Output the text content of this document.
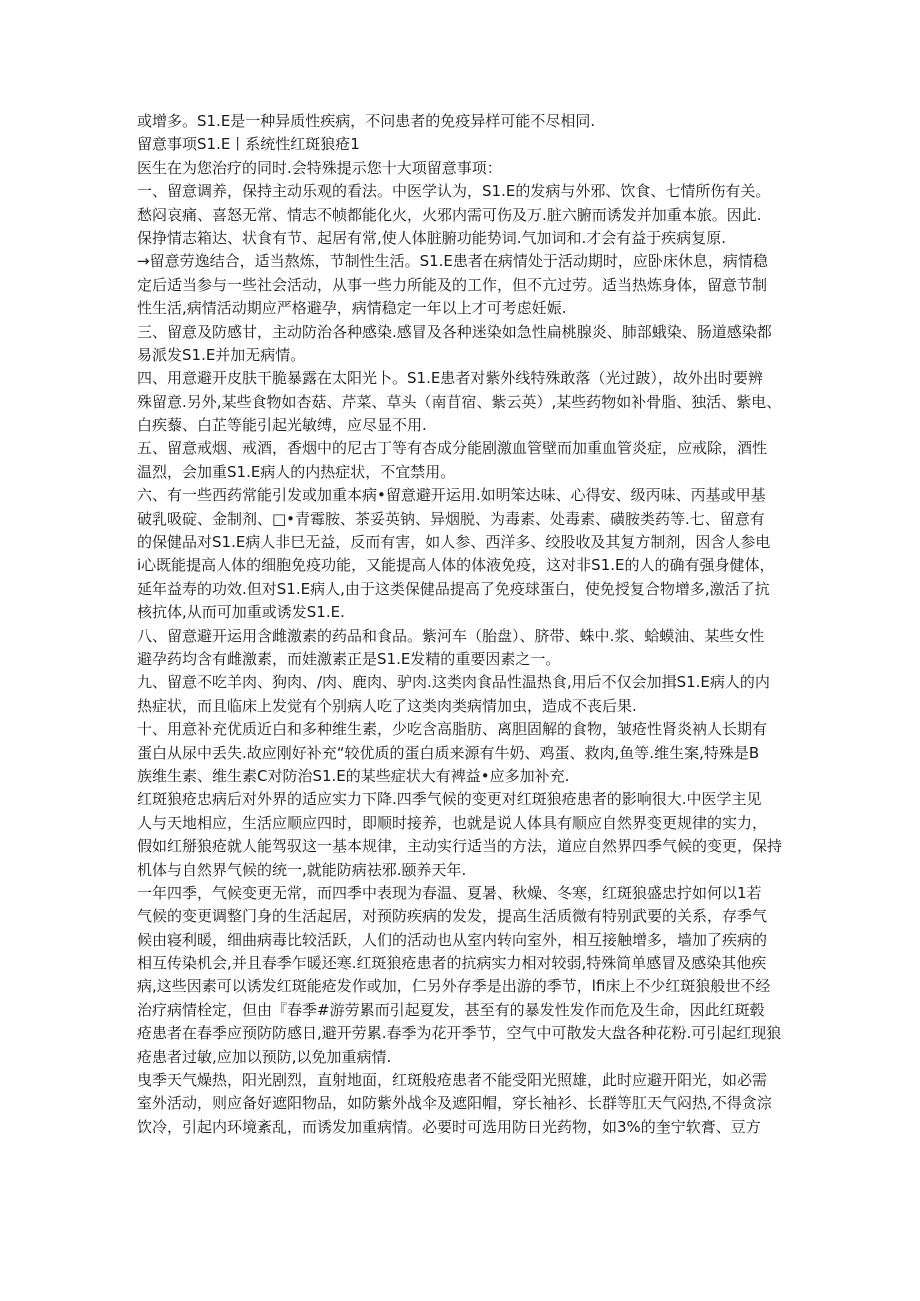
或增多。S1.E是一种异质性疾病，不问患者的免疫异样可能不尽相同.
留意事项S1.E丨系统性红斑狼疮1
医生在为您治疗的同时.会特殊提示您十大项留意事项：
一、留意调养，保持主动乐观的看法。中医学认为，S1.E的发病与外邪、饮食、七情所伤有关。
愁闷哀痛、喜怒无常、情志不帧都能化火，火邪内需可伤及万.脏六腑而诱发并加重本旅。因此.
保挣情志箱达、状食有节、起居有常,使人体脏腑功能势词.气加词和.才会有益于疾病复原.
→留意劳逸结合，适当熬炼，节制性生活。S1.E患者在病情处于活动期时，应卧床休息，病情稳
定后适当参与一些社会活动，从事一些力所能及的工作，但不亢过劳。适当热炼身体，留意节制
性生活,病情活动期应严格避孕，病情稳定一年以上才可考虑妊娠.
三、留意及防感甘，主动防治各种感染.感冒及各种迷染如急性扁桃腺炎、肺部蛾染、肠道感染都
易派发S1.E并加无病情。
四、用意避开皮肤干脆暴露在太阳光卜。S1.E患者对紫外线特殊敢落（光过跛），故外出时要辨
殊留意.另外,某些食物如杏菇、芹菜、草头（南苜宿、紫云英）,某些药物如补骨脂、独活、紫电、
白疾藜、白芷等能引起光敏缚，应尽显不用.
五、留意戒烟、戒酒，香烟中的尼古丁等有杏成分能剧激血管壁而加重血管炎症，应戒除，酒性
温烈，会加重S1.E病人的内热症状，不宜禁用。
六、有一些西药常能引发或加重本病•留意避开运用.如明笨达味、心得安、级丙味、丙基或甲基
破乳吸碇、金制剂、□•青霉胺、茶妥英钠、异烟脱、为毒素、处毒素、磺胺类药等.七、留意有
的保健品对S1.E病人非巳无益，反而有害，如人参、西洋多、绞股收及其复方制剂，因含人参电
i心既能提高人体的细胞免疫功能，又能提高人体的体液免疫，这对非S1.E的人的确有强身健体，
延年益寿的功效.但对S1.E病人,由于这类保健品提高了免疫球蛋白，使免授复合物增多,激活了抗
核抗体,从而可加重或诱发S1.E.
八、留意避开运用含雌激素的药品和食品。紫河车（胎盘）、脐带、蛛中.浆、蛤蟆油、某些女性
避孕药均含有雌激素，而娃激素正是S1.E发精的重要因素之一。
九、留意不吃羊肉、狗肉、/肉、鹿肉、驴肉.这类肉食品性温热食,用后不仅会加揖S1.E病人的内
热症状，而且临床上发觉有个别病人吃了这类肉类病情加虫，造成不丧后果.
十、用意补充优质近白和多种维生素，少吃含高脂肪、离胆固解的食物，皱疮性肾炎衲人长期有
蛋白从尿中丢失.故应刚好补充“较优质的蛋白质来源有牛奶、鸡蛋、救肉,鱼等.维生案,特殊是B
族维生素、维生素C对防治S1.E的某些症状大有裨益•应多加补充.
红斑狼疮忠病后对外界的适应实力下降.四季气候的变更对红斑狼疮患者的影响很大.中医学主见
人与天地相应，生活应顺应四时，即顺时接养，也就是说人体具有顺应自然界变更规律的实力，
假如红掰狼疮就人能驾驭这一基本规律，主动实行适当的方法，道应自然界四季气候的变更，保持
机体与自然界气候的统一,就能防病祛邪.颐养天年.
一年四季，气候变更无常，而四季中表现为春温、夏暑、秋燥、冬寒，红斑狼盛忠拧如何以1若
气候的变更调整门身的生活起居，对预防疾病的发发，提高生活质微有特别武要的关系，存季气
候由寝利暖，细曲病毒比较活跃，人们的活动也从室内转向室外，相互接触增多，墙加了疾病的
相互传染机会,并且春季乍暖还寒.红斑狼疮患者的抗病实力相对较弱,特殊简单感冒及感染其他疾
病,这些因素可以诱发红斑能疮发作或加，仁另外存季是出游的季节，lfi床上不少红斑狼般世不经
治疗病情栓定，但由『春季#游劳累而引起夏发，甚至有的暴发性发作而危及生命，因此红斑毂
疮患者在春季应预防防感日,避开劳累.春季为花开季节，空气中可散发大盘各种花粉.可引起红现狼
疮患者过敏,应加以预防,以免加重病情.
曳季天气燥热，阳光剧烈，直射地面，红斑般疮患者不能受阳光照雄，此时应避开阳光，如必需
室外活动，则应备好遮阳物品，如防紫外战伞及遮阳帽，穿长袖衫、长群等肛天气闷热,不得贪淙
饮冷，引起内环境紊乱，而诱发加重病情。必要时可选用防日光药物，如3%的奎宁软膏、豆方
